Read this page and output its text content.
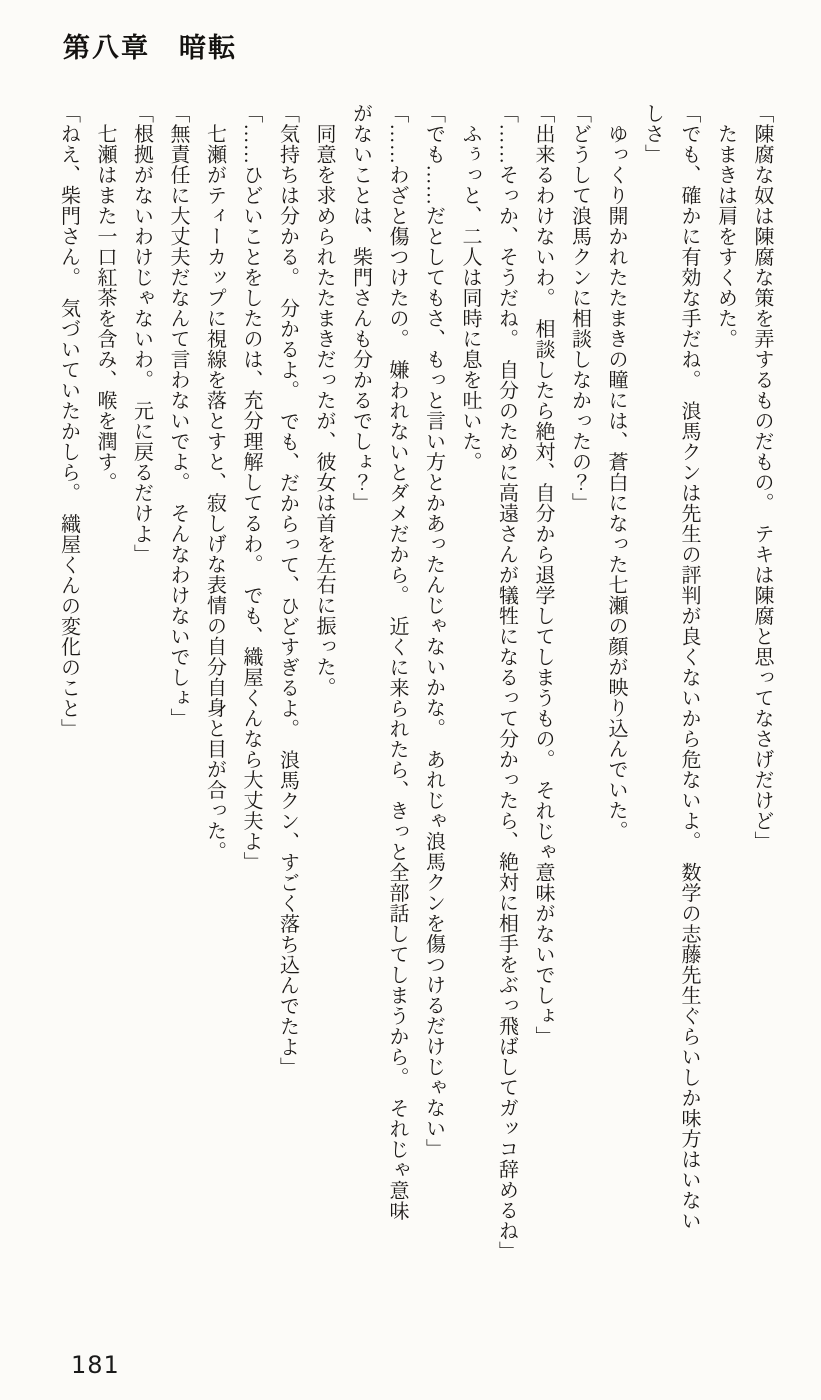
第八章　暗転

「陳腐な奴は陳腐な策を弄するものだもの。　テキは陳腐と思ってなさげだけど」

　たまきは肩をすくめた。

「でも、確かに有効な手だね。　浪馬クンは先生の評判が良くないから危ないよ。　数学の志藤先生ぐらいしか味方はいない

しさ」

　ゆっくり開かれたたまきの瞳には、蒼白になった七瀬の顔が映り込んでいた。

「どうして浪馬クンに相談しなかったの？」

「出来るわけないわ。　相談したら絶対、自分から退学してしまうもの。　それじゃ意味がないでしょ」

「……そっか、そうだね。　自分のために高遠さんが犠牲になるって分かったら、絶対に相手をぶっ飛ばしてガッコ辞めるね」

　ふぅっと、二人は同時に息を吐いた。

「でも……だとしてもさ、もっと言い方とかあったんじゃないかな。　あれじゃ浪馬クンを傷つけるだけじゃない」

「……わざと傷つけたの。　嫌われないとダメだから。　近くに来られたら、きっと全部話してしまうから。　それじゃ意味

がないことは、柴門さんも分かるでしょ？」

　同意を求められたたまきだったが、彼女は首を左右に振った。

「気持ちは分かる。　分かるよ。　でも、だからって、ひどすぎるよ。　浪馬クン、すごく落ち込んでたよ」

「……ひどいことをしたのは、充分理解してるわ。　でも、織屋くんなら大丈夫よ」

　七瀬がティーカップに視線を落とすと、寂しげな表情の自分自身と目が合った。

「無責任に大丈夫だなんて言わないでよ。　そんなわけないでしょ」

「根拠がないわけじゃないわ。　元に戻るだけよ」

　七瀬はまた一口紅茶を含み、喉を潤す。

「ねえ、柴門さん。　気づいていたかしら。　織屋くんの変化のこと」

181
